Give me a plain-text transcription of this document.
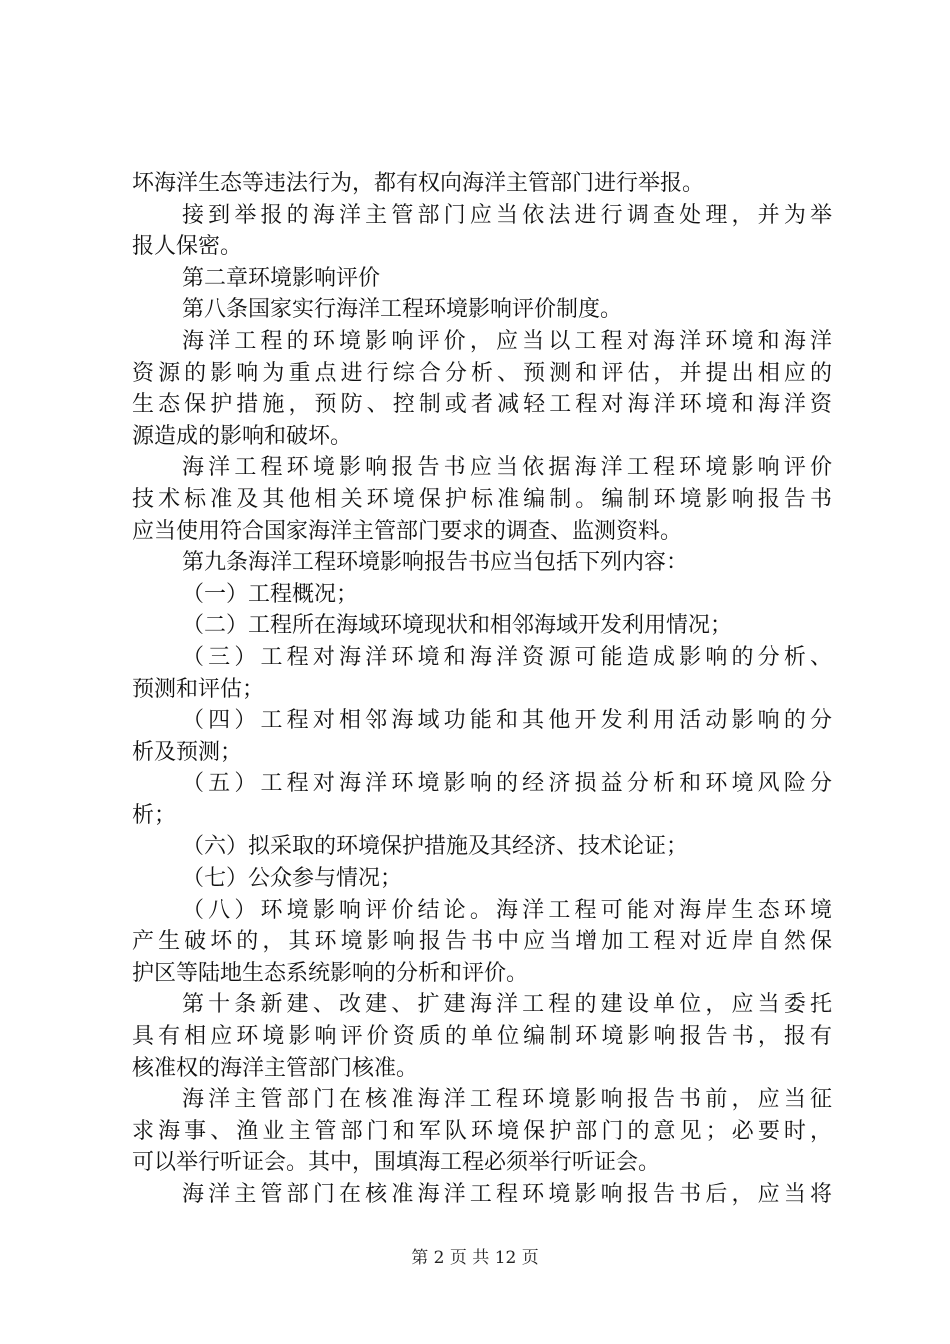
坏海洋生态等违法行为，都有权向海洋主管部门进行举报。
接到举报的海洋主管部门应当依法进行调查处理，并为举
报人保密。
第二章环境影响评价
第八条国家实行海洋工程环境影响评价制度。
海洋工程的环境影响评价，应当以工程对海洋环境和海洋
资源的影响为重点进行综合分析、预测和评估，并提出相应的
生态保护措施，预防、控制或者减轻工程对海洋环境和海洋资
源造成的影响和破坏。
海洋工程环境影响报告书应当依据海洋工程环境影响评价
技术标准及其他相关环境保护标准编制。编制环境影响报告书
应当使用符合国家海洋主管部门要求的调查、监测资料。
第九条海洋工程环境影响报告书应当包括下列内容：
（一）工程概况；
（二）工程所在海域环境现状和相邻海域开发利用情况；
（三）工程对海洋环境和海洋资源可能造成影响的分析、
预测和评估；
（四）工程对相邻海域功能和其他开发利用活动影响的分
析及预测；
（五）工程对海洋环境影响的经济损益分析和环境风险分
析；
（六）拟采取的环境保护措施及其经济、技术论证；
（七）公众参与情况；
（八）环境影响评价结论。海洋工程可能对海岸生态环境
产生破坏的，其环境影响报告书中应当增加工程对近岸自然保
护区等陆地生态系统影响的分析和评价。
第十条新建、改建、扩建海洋工程的建设单位，应当委托
具有相应环境影响评价资质的单位编制环境影响报告书，报有
核准权的海洋主管部门核准。
海洋主管部门在核准海洋工程环境影响报告书前，应当征
求海事、渔业主管部门和军队环境保护部门的意见；必要时，
可以举行听证会。其中，围填海工程必须举行听证会。
海洋主管部门在核准海洋工程环境影响报告书后，应当将
第 2 页 共 12 页
